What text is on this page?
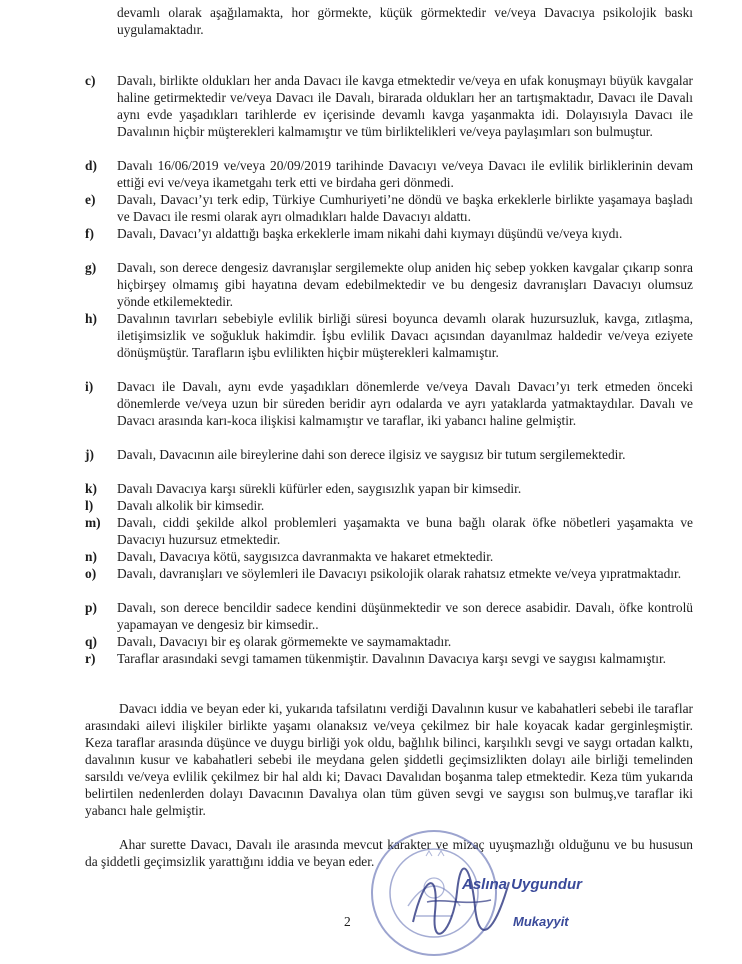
devamlı olarak aşağılamakta, hor görmekte, küçük görmektedir ve/veya Davacıya psikolojik baskı uygulamaktadır.
c)	Davalı, birlikte oldukları her anda Davacı ile kavga etmektedir ve/veya en ufak konuşmayı büyük kavgalar haline getirmektedir ve/veya Davacı ile Davalı, biraradа oldukları her an tartışmaktadır, Davacı ile Davalı aynı evde yaşadıkları tarihlerde ev içerisinde devamlı kavga yaşanmakta idi. Dolayısıyla Davacı ile Davalının hiçbir müşterekleri kalmamıştır ve tüm birliktelikleri ve/veya paylaşımları son bulmuştur.
d)	Davalı 16/06/2019 ve/veya 20/09/2019 tarihinde Davacıyı ve/veya Davacı ile evlilik birliklerinin devam ettiği evi ve/veya ikametgahı terk etti ve birdaha geri dönmedi.
e)	Davalı, Davacı’yı terk edip, Türkiye Cumhuriyeti’ne döndü ve başka erkeklerle birlikte yaşamaya başladı ve Davacı ile resmi olarak ayrı olmadıkları halde Davacıyı aldattı.
f)	Davalı, Davacı’yı aldattığı başka erkeklerle imam nikahi dahi kıymayı düşündü ve/veya kıydı.
g)	Davalı, son derece dengesiz davranışlar sergilemekte olup aniden hiç sebep yokken kavgalar çıkarıp sonra hiçbirşey olmamış gibi hayatına devam edebilmektedir ve bu dengesiz davranışları Davacıyı olumsuz yönde etkilemektedir.
h)	Davalının tavırları sebebiyle evlilik birliği süresi boyunca devamlı olarak huzursuzluk, kavga, zıtlaşma, iletişimsizlik ve soğukluk hakimdir. İşbu evlilik Davacı açısından dayanılmaz haldedir ve/veya eziyete dönüşmüştür. Tarafların işbu evlilikten hiçbir müşterekleri kalmamıştır.
i)	Davacı ile Davalı, aynı evde yaşadıkları dönemlerde ve/veya Davalı Davacı’yı terk etmeden önceki dönemlerde ve/veya uzun bir süreden beridir ayrı odalarda ve ayrı yataklarda yatmaktaydılar. Davalı ve Davacı arasında karı-koca ilişkisi kalmamıştır ve taraflar, iki yabancı haline gelmiştir.
j)	Davalı, Davacının aile bireylerine dahi son derece ilgisiz ve saygısız bir tutum sergilemektedir.
k)	Davalı Davacıya karşı sürekli küfürler eden, saygısızlık yapan bir kimsedir.
l)	Davalı alkolik bir kimsedir.
m)	Davalı, ciddi şekilde alkol problemleri yaşamakta ve buna bağlı olarak öfke nöbetleri yaşamakta ve Davacıyı huzursuz etmektedir.
n)	Davalı, Davacıya kötü, saygısızca davranmakta ve hakaret etmektedir.
o)	Davalı, davranışları ve söylemleri ile Davacıyı psikolojik olarak rahatsız etmekte ve/veya yıpratmaktadır.
p)	Davalı, son derece bencildir sadece kendini düşünmektedir ve son derece asabidir. Davalı, öfke kontrolü yapamayan ve dengesiz bir kimsedir..
q)	Davalı, Davacıyı bir eş olarak görmemekte ve saymamaktadır.
r)	Taraflar arasındaki sevgi tamamen tükenmiştir. Davalının Davacıya karşı sevgi ve saygısı kalmamıştır.
Davacı iddia ve beyan eder ki, yukarıda tafsilatını verdiği Davalının kusur ve kabahatleri sebebi ile taraflar arasındaki ailevi ilişkiler birlikte yaşamı olanaksız ve/veya çekilmez bir hale koyacak kadar gerginleşmiştir. Keza taraflar arasında düşünce ve duygu birliği yok oldu, bağlılık bilinci, karşılıklı sevgi ve saygı ortadan kalktı, davalının kusur ve kabahatleri sebebi ile meydana gelen şiddetli geçimsizlikten dolayı aile birliği temelinden sarsıldı ve/veya evlilik çekilmez bir hal aldı ki; Davacı Davalıdan boşanma talep etmektedir. Keza tüm yukarıda belirtilen nedenlerden dolayı Davacının Davalıya olan tüm güven sevgi ve saygısı son bulmuş,ve taraflar iki yabancı hale gelmiştir.
Ahar surette Davacı, Davalı ile arasında mevcut karakter ve mizaç uyuşmazlığı olduğunu ve bu hususun da şiddetli geçimsizlik yarattığını iddia ve beyan eder.
2
Aslına Uygundur
Mukayyit
